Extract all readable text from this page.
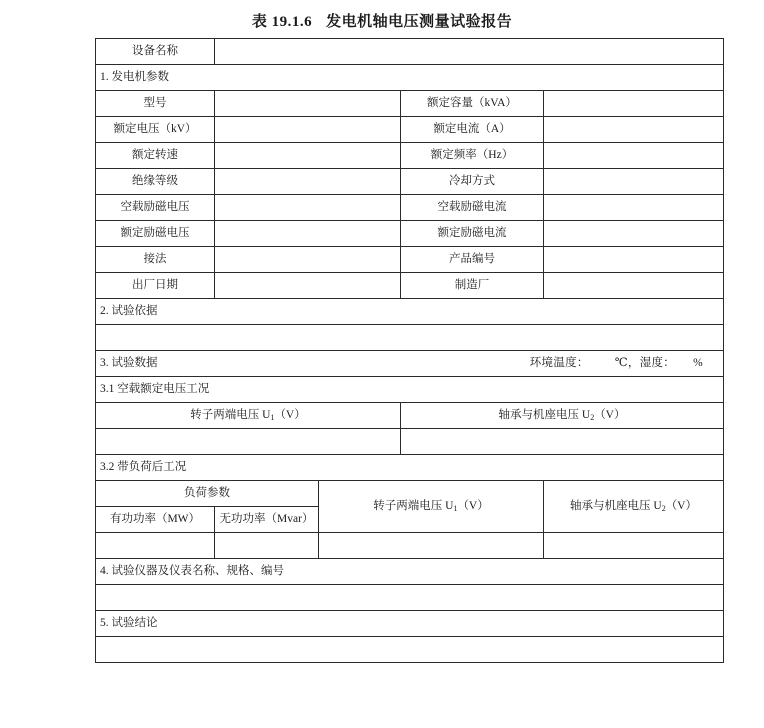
表 19.1.6 发电机轴电压测量试验报告
设备名称				
1. 发电机参数				
型号			额定容量（kVA）	
额定电压（kV）			额定电流（A）	
额定转速			额定频率（Hz）	
绝缘等级			冷却方式	
空载励磁电压			空载励磁电流	
额定励磁电压			额定励磁电流	
接法			产品编号	
出厂日期			制造厂	
2. 试验依据				

3. 试验数据 环境温度： ℃，湿度： %				

3.1 空载额定电压工况				
转子两端电压 $U_1(V)$			轴承与机座电压 $U_2(V)$	

3.2 带负荷后工况				
负荷参数		转子两端电压 $U_1(V)$		轴承与机座电压 $U_2(V)$
有功功率（MW）	无功功率（Mvar）			

4. 试验仪器及仪表名称、规格、编号				

5. 试验结论				
